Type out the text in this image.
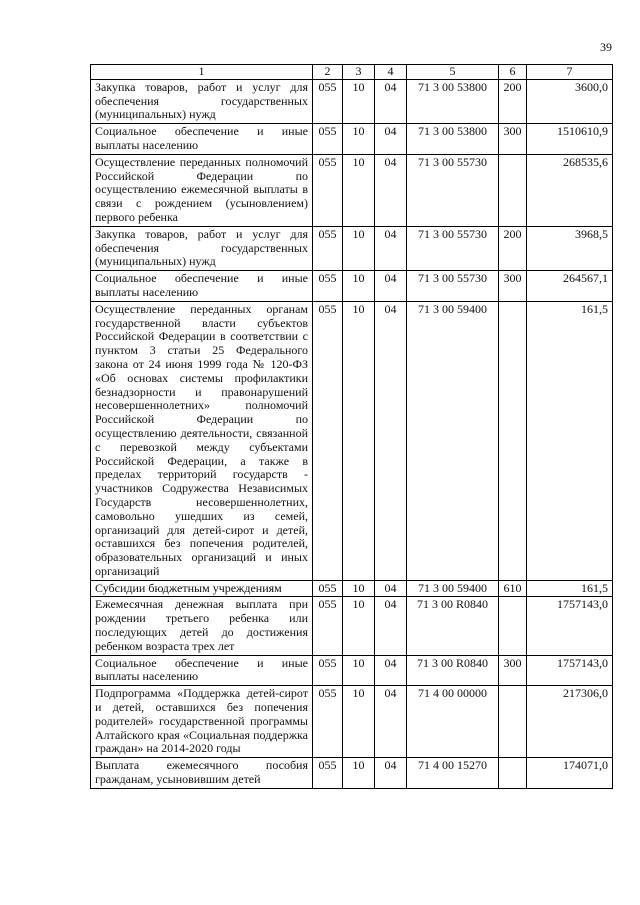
39
1	2	3	4	5	6	7
Закупка товаров, работ и услуг для обеспечения государственных (муниципальных) нужд	055	10	04	71 3 00 53800	200	3600,0
Социальное обеспечение и иные выплаты населению	055	10	04	71 3 00 53800	300	1510610,9
Осуществление переданных полномочий Российской Федерации по осуществлению ежемесячной выплаты в связи с рождением (усыновлением) первого ребенка	055	10	04	71 3 00 55730		268535,6
Закупка товаров, работ и услуг для обеспечения государственных (муниципальных) нужд	055	10	04	71 3 00 55730	200	3968,5
Социальное обеспечение и иные выплаты населению	055	10	04	71 3 00 55730	300	264567,1
Осуществление переданных органам государственной власти субъектов Российской Федерации в соответствии с пунктом 3 статьи 25 Федерального закона от 24 июня 1999 года № 120-ФЗ «Об основах системы профилактики безнадзорности и правонарушений несовершеннолетних» полномочий Российской Федерации по осуществлению деятельности, связанной с перевозкой между субъектами Российской Федерации, а также в пределах территорий государств - участников Содружества Независимых Государств несовершеннолетних, самовольно ушедших из семей, организаций для детей-сирот и детей, оставшихся без попечения родителей, образовательных организаций и иных организаций	055	10	04	71 3 00 59400		161,5
Субсидии бюджетным учреждениям	055	10	04	71 3 00 59400	610	161,5
Ежемесячная денежная выплата при рождении третьего ребенка или последующих детей до достижения ребенком возраста трех лет	055	10	04	71 3 00 R0840		1757143,0
Социальное обеспечение и иные выплаты населению	055	10	04	71 3 00 R0840	300	1757143,0
Подпрограмма «Поддержка детей-сирот и детей, оставшихся без попечения родителей» государственной программы Алтайского края «Социальная поддержка граждан» на 2014-2020 годы	055	10	04	71 4 00 00000		217306,0
Выплата ежемесячного пособия гражданам, усыновившим детей	055	10	04	71 4 00 15270		174071,0
